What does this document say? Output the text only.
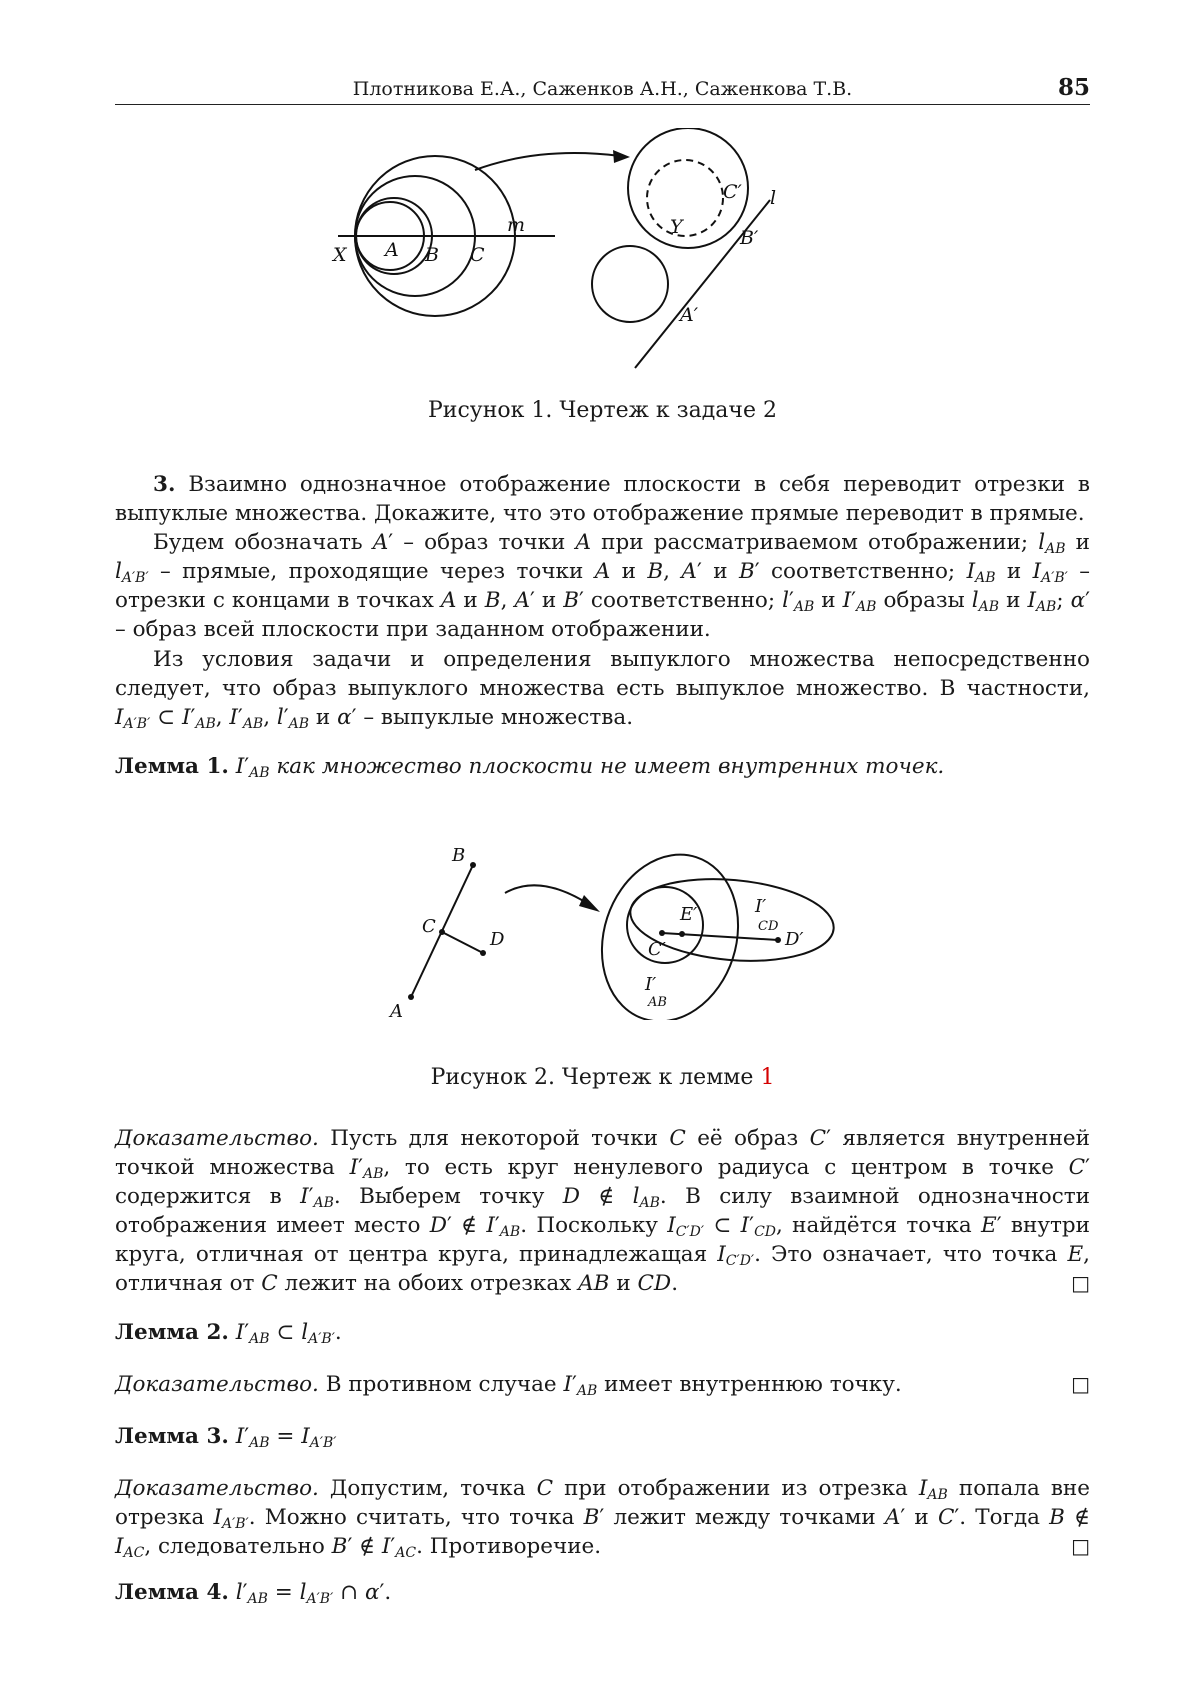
Плотникова Е.А., Саженков А.Н., Саженкова Т.В.	85
X A B C
m
C′ l
Y	B′
A′
Рисунок 1. Чертеж к задаче 2
3. Взаимно однозначное отображение плоскости в себя переводит отрезки в выпуклые множества. Докажите, что это отображение прямые переводит в прямые.
Будем обозначать A′ – образ точки A при рассматриваемом отображении; $l_{AB}$ и $l_{A'B'}$ – прямые, проходящие через точки A и B, A′ и B′ соответственно; $I_{AB}$ и $I_{A'B'}$ – отрезки с концами в точках A и B, A′ и B′ соответственно; $l'_{AB}$ и $I'_{AB}$ образы $l_{AB}$ и $I_{AB}$; α′ – образ всей плоскости при заданном отображении.
Из условия задачи и определения выпуклого множества непосредственно следует, что образ выпуклого множества есть выпуклое множество. В частности, $I_{A'B'}$ ⊂ $I'_{AB}$, $I'_{AB}$, $l'_{AB}$ и α′ – выпуклые множества.
Лемма 1. $I'_{AB}$ как множество плоскости не имеет внутренних точек.
B
C
D
A
E′	I′
CD
D′
C′
I′
AB
Рисунок 2. Чертеж к лемме 1
Доказательство. Пусть для некоторой точки C её образ C′ является внутренней точкой множества $I'_{AB}$, то есть круг ненулевого радиуса с центром в точке C′ содержится в $I'_{AB}$. Выберем точку D ∉ $l_{AB}$. В силу взаимной однозначности отображения имеет место D′ ∉ $I'_{AB}$. Поскольку $I_{C'D'}$ ⊂ $I'_{CD}$, найдётся точка E′ внутри круга, отличная от центра круга, принадлежащая $I_{C'D'}$. Это означает, что точка E, отличная от C лежит на обоих отрезках AB и CD.	□
Лемма 2. $I'_{AB}$ ⊂ $l_{A'B'}$.
Доказательство. В противном случае $I'_{AB}$ имеет внутреннюю точку.	□
Лемма 3. $I'_{AB} = I_{A'B'}$
Доказательство. Допустим, точка C при отображении из отрезка $I_{AB}$ попала вне отрезка $I_{A'B'}$. Можно считать, что точка B′ лежит между точками A′ и C′. Тогда B ∉ $I_{AC}$, следовательно B′ ∉ $I'_{AC}$. Противоречие.	□
Лемма 4. $l'_{AB} = l_{A'B'}$ ∩ α′.
